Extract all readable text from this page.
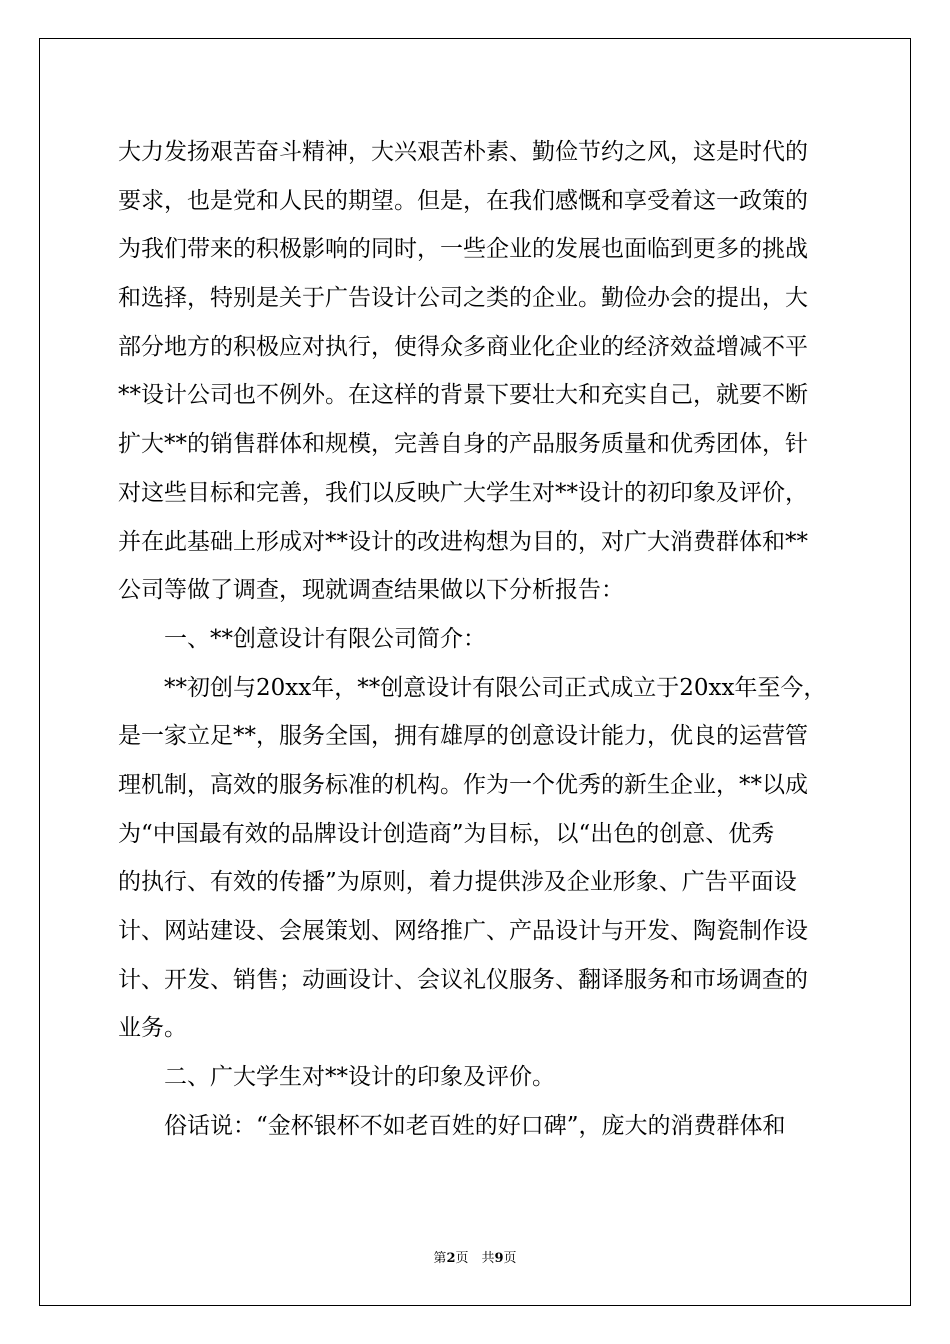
大力发扬艰苦奋斗精神，大兴艰苦朴素、勤俭节约之风，这是时代的
要求，也是党和人民的期望。但是，在我们感慨和享受着这一政策的
为我们带来的积极影响的同时，一些企业的发展也面临到更多的挑战
和选择，特别是关于广告设计公司之类的企业。勤俭办会的提出，大
部分地方的积极应对执行，使得众多商业化企业的经济效益增减不平
**设计公司也不例外。在这样的背景下要壮大和充实自己，就要不断
扩大**的销售群体和规模，完善自身的产品服务质量和优秀团体，针
对这些目标和完善，我们以反映广大学生对**设计的初印象及评价，
并在此基础上形成对**设计的改进构想为目的，对广大消费群体和**
公司等做了调查，现就调查结果做以下分析报告：
一、**创意设计有限公司简介：
**初创与20xx年，**创意设计有限公司正式成立于20xx年至今，
是一家立足**，服务全国，拥有雄厚的创意设计能力，优良的运营管
理机制，高效的服务标准的机构。作为一个优秀的新生企业，**以成
为“中国最有效的品牌设计创造商”为目标，以“出色的创意、优秀
的执行、有效的传播”为原则，着力提供涉及企业形象、广告平面设
计、网站建设、会展策划、网络推广、产品设计与开发、陶瓷制作设
计、开发、销售；动画设计、会议礼仪服务、翻译服务和市场调查的
业务。
二、广大学生对**设计的印象及评价。
俗话说：“金杯银杯不如老百姓的好口碑”，庞大的消费群体和
第2页　共9页
